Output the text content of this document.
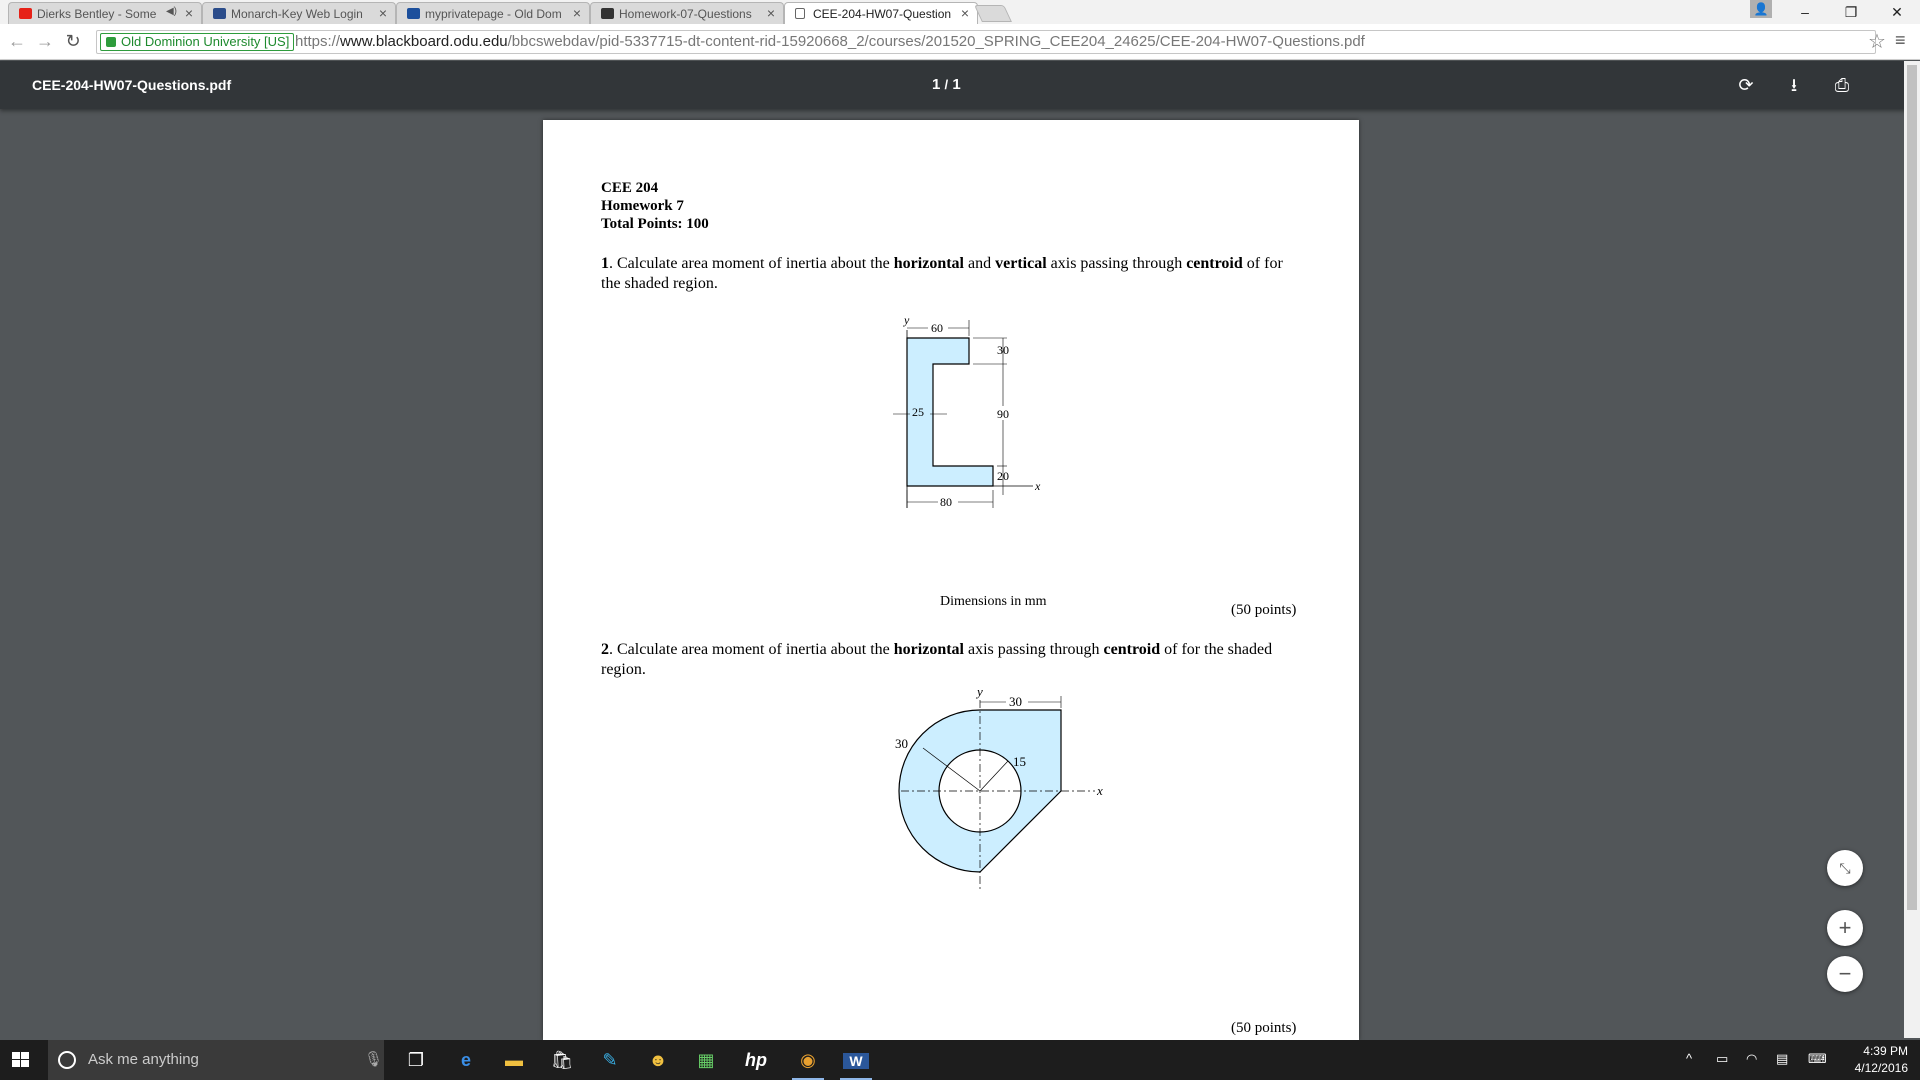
Dierks Bentley - Some ◀) ×	Monarch-Key Web Login ×	myprivatepage - Old Dom ×	Homework-07-Questions ×	CEE-204-HW07-Question ×	👤	‒	❐	✕
← → ↻	Old Dominion University [US] https://www.blackboard.odu.edu/bbcswebdav/pid-5337715-dt-content-rid-15920668_2/courses/201520_SPRING_CEE204_24625/CEE-204-HW07-Questions.pdf	☆ ≡
CEE-204-HW07-Questions.pdf	1 / 1	⟳	⭳	⎙
CEE 204
Homework 7
Total Points: 100
1. Calculate area moment of inertia about the horizontal and vertical axis passing through centroid of for the shaded region.
y
x
60
30
90
25
20
80
Dimensions in mm
(50 points)
2. Calculate area moment of inertia about the horizontal axis passing through centroid of for the shaded region.
y
x
30
30
15
(50 points)
⤡
+
−
Ask me anything	🎙	❐	e	▬	🛍	✎	☻	▦	hp	◉	W	^ ▭ ◠ ▤ ⌨	4:39 PM
4/12/2016
